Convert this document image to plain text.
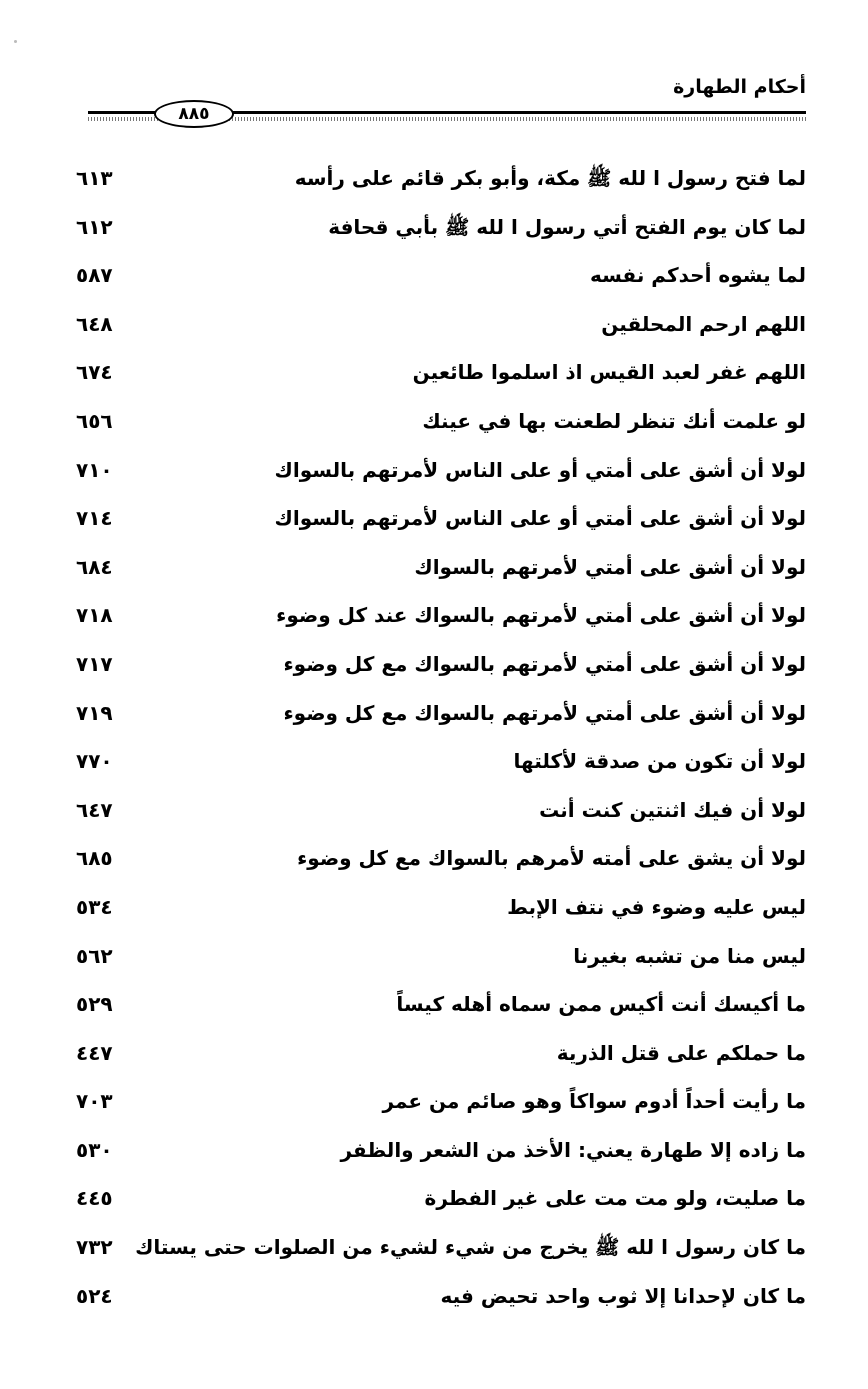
أحكام الطهارة
٨٨٥
لما فتح رسول ا لله ﷺ مكة، وأبو بكر قائم على رأسه
٦١٣
لما كان يوم الفتح أتي رسول ا لله ﷺ بأبي قحافة
٦١٢
لما يشوه أحدكم نفسه
٥٨٧
اللهم ارحم المحلقين
٦٤٨
اللهم غفر لعبد القيس اذ اسلموا طائعين
٦٧٤
لو علمت أنك تنظر لطعنت بها في عينك
٦٥٦
لولا أن أشق على أمتي أو على الناس لأمرتهم بالسواك
٧١٠
لولا أن أشق على أمتي أو على الناس لأمرتهم بالسواك
٧١٤
لولا أن أشق على أمتي لأمرتهم بالسواك
٦٨٤
لولا أن أشق على أمتي لأمرتهم بالسواك عند كل وضوء
٧١٨
لولا أن أشق على أمتي لأمرتهم بالسواك مع كل وضوء
٧١٧
لولا أن أشق على أمتي لأمرتهم بالسواك مع كل وضوء
٧١٩
لولا أن تكون من صدقة لأكلتها
٧٧٠
لولا أن فيك اثنتين كنت أنت
٦٤٧
لولا أن يشق على أمته لأمرهم بالسواك مع كل وضوء
٦٨٥
ليس عليه وضوء في نتف الإبط
٥٣٤
ليس منا من تشبه بغيرنا
٥٦٢
ما أكيسك أنت أكيس ممن سماه أهله كيساً
٥٢٩
ما حملكم على قتل الذرية
٤٤٧
ما رأيت أحداً أدوم سواكاً وهو صائم من عمر
٧٠٣
ما زاده إلا طهارة يعني: الأخذ من الشعر والظفر
٥٣٠
ما صليت، ولو مت مت على غير الفطرة
٤٤٥
ما كان رسول ا لله ﷺ يخرج من شيء لشيء من الصلوات حتى يستاك
٧٣٢
ما كان لإحدانا إلا ثوب واحد تحيض فيه
٥٢٤
